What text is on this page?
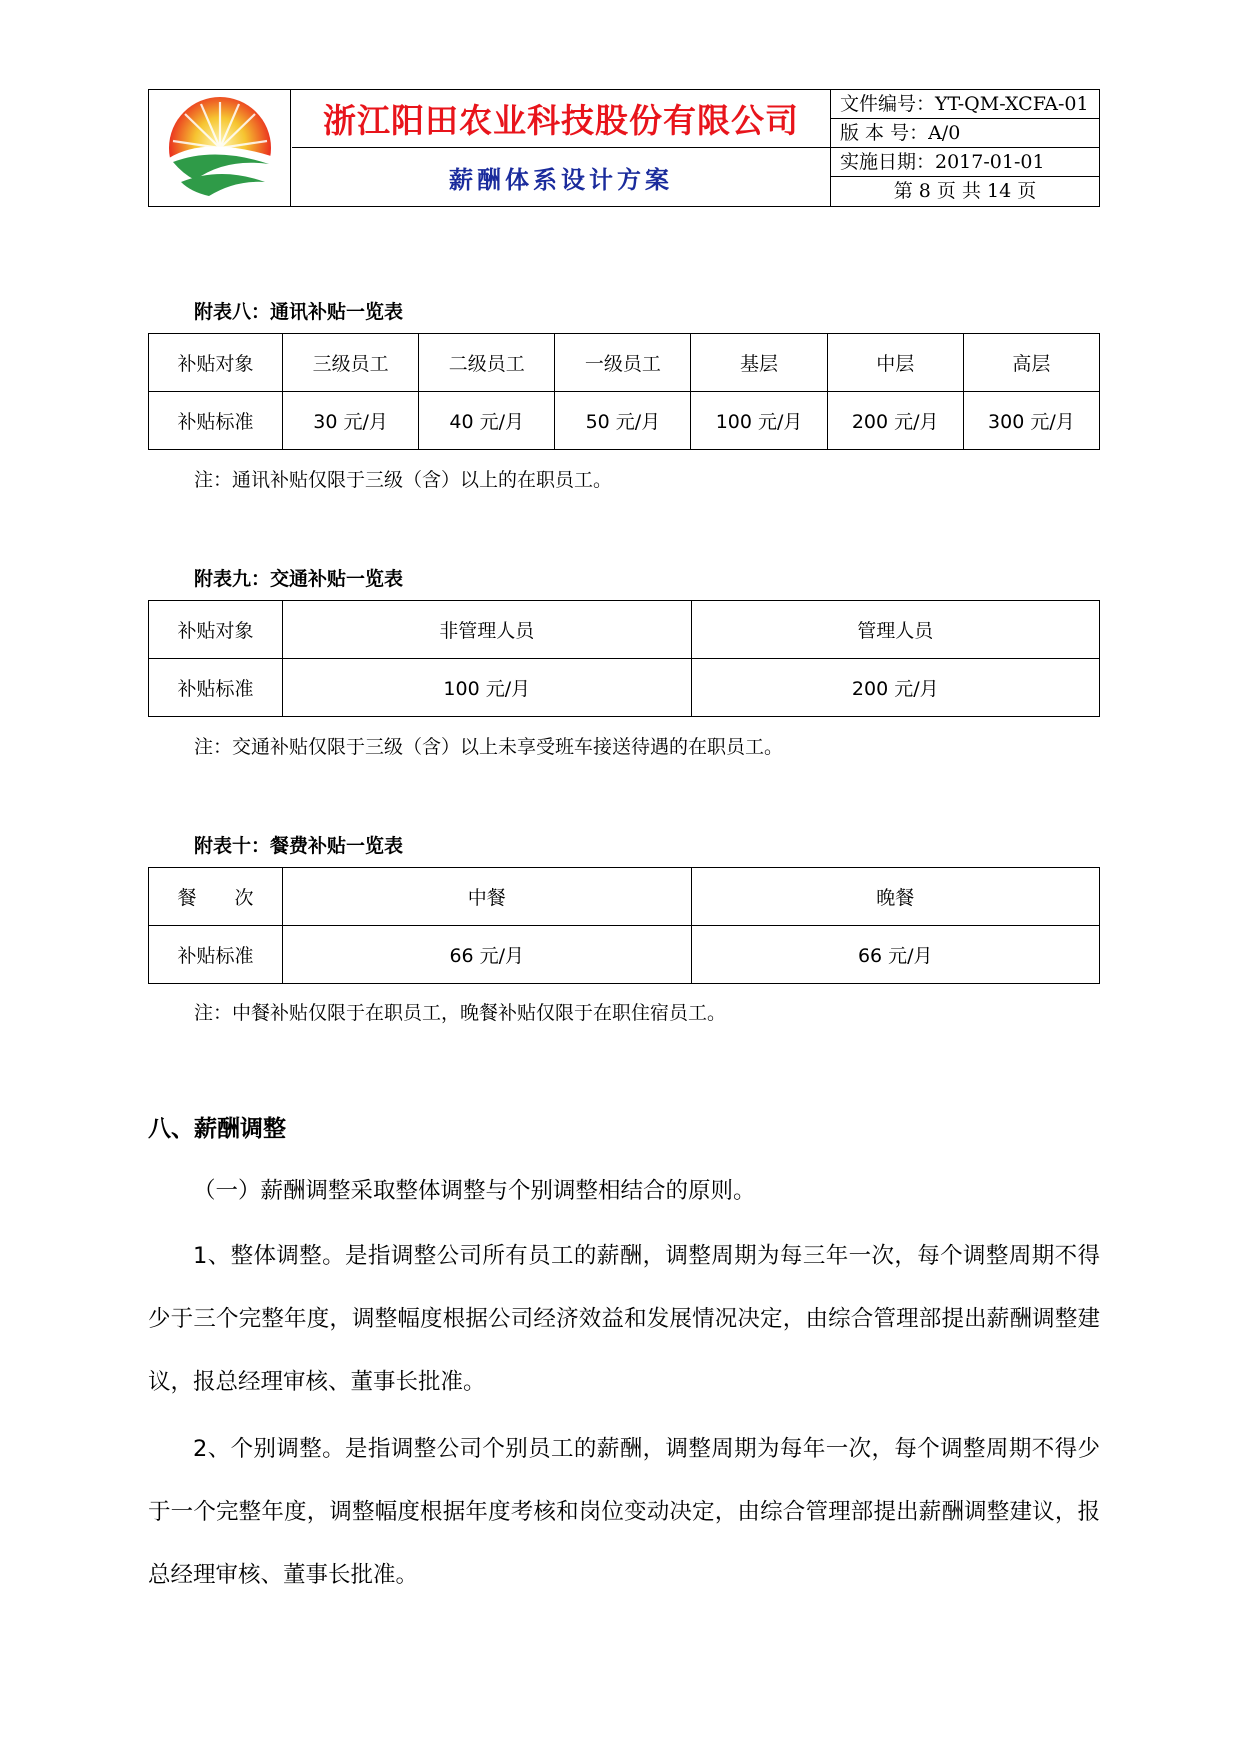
浙江阳田农业科技股份有限公司
薪酬体系设计方案
文件编号：YT-QM-XCFA-01
版 本 号：A/0
实施日期：2017-01-01
第 8 页 共 14 页
附表八：通讯补贴一览表
补贴对象	三级员工	二级员工	一级员工	基层	中层	高层
补贴标准	30 元/月	40 元/月	50 元/月	100 元/月	200 元/月	300 元/月
注：通讯补贴仅限于三级（含）以上的在职员工。
附表九：交通补贴一览表
补贴对象	非管理人员	管理人员
补贴标准	100 元/月	200 元/月
注：交通补贴仅限于三级（含）以上未享受班车接送待遇的在职员工。
附表十：餐费补贴一览表
餐　　次	中餐	晚餐
补贴标准	66 元/月	66 元/月
注：中餐补贴仅限于在职员工，晚餐补贴仅限于在职住宿员工。
八、薪酬调整
（一）薪酬调整采取整体调整与个别调整相结合的原则。
1、整体调整。是指调整公司所有员工的薪酬，调整周期为每三年一次，每个调整周期不得少于三个完整年度，调整幅度根据公司经济效益和发展情况决定，由综合管理部提出薪酬调整建议，报总经理审核、董事长批准。
2、个别调整。是指调整公司个别员工的薪酬，调整周期为每年一次，每个调整周期不得少于一个完整年度，调整幅度根据年度考核和岗位变动决定，由综合管理部提出薪酬调整建议，报总经理审核、董事长批准。
